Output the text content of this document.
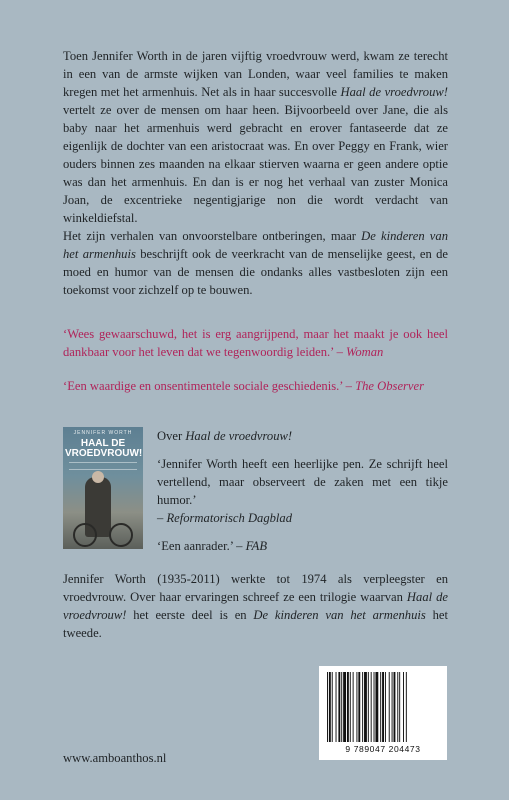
Toen Jennifer Worth in de jaren vijftig vroedvrouw werd, kwam ze terecht in een van de armste wijken van Londen, waar veel families te maken kregen met het armenhuis. Net als in haar succesvolle Haal de vroedvrouw! vertelt ze over de mensen om haar heen. Bijvoorbeeld over Jane, die als baby naar het armenhuis werd gebracht en erover fantaseerde dat ze eigenlijk de dochter van een aristocraat was. En over Peggy en Frank, wier ouders binnen zes maanden na elkaar stierven waarna er geen andere optie was dan het armenhuis. En dan is er nog het verhaal van zuster Monica Joan, de excentrieke negentigjarige non die wordt verdacht van winkeldiefstal.

Het zijn verhalen van onvoorstelbare ontberingen, maar De kinderen van het armenhuis beschrijft ook de veerkracht van de menselijke geest, en de moed en humor van de mensen die ondanks alles vastbesloten zijn een toekomst voor zichzelf op te bouwen.

‘Wees gewaarschuwd, het is erg aangrijpend, maar het maakt je ook heel dankbaar voor het leven dat we tegenwoordig leiden.’ – Woman

‘Een waardige en onsentimentele sociale geschiedenis.’ – The Observer

JENNIFER WORTH
HAAL DE VROEDVROUW!

Over Haal de vroedvrouw!

‘Jennifer Worth heeft een heerlijke pen. Ze schrijft heel vertellend, maar observeert de zaken met een tikje humor.’
– Reformatorisch Dagblad

‘Een aanrader.’ – FAB

Jennifer Worth (1935-2011) werkte tot 1974 als verpleegster en vroedvrouw. Over haar ervaringen schreef ze een trilogie waarvan Haal de vroedvrouw! het eerste deel is en De kinderen van het armenhuis het tweede.

9 789047 204473
www.amboanthos.nl
